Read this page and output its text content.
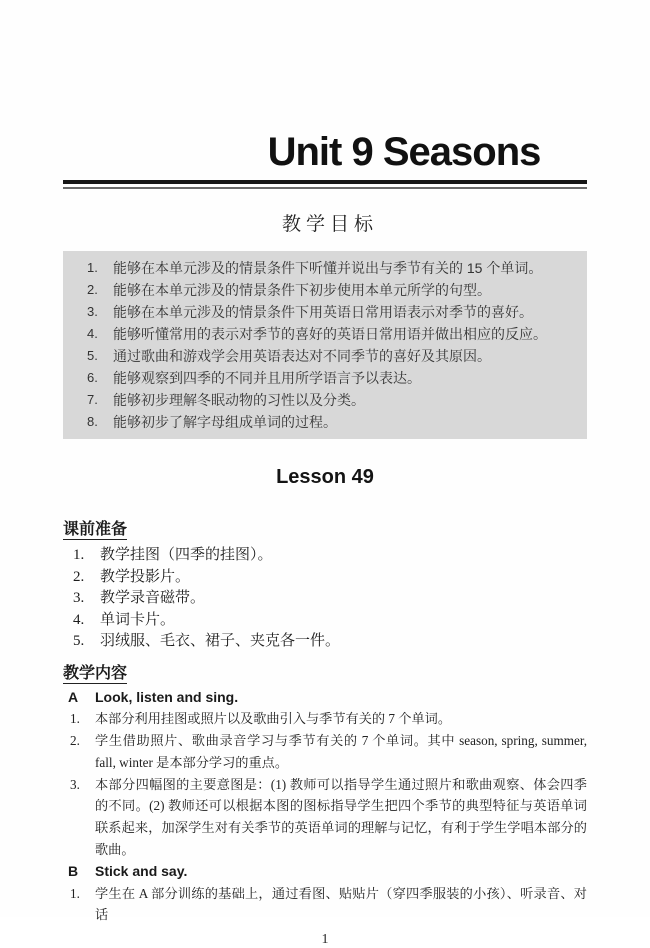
Unit 9 Seasons
教学目标
1. 能够在本单元涉及的情景条件下听懂并说出与季节有关的 15 个单词。
2. 能够在本单元涉及的情景条件下初步使用本单元所学的句型。
3. 能够在本单元涉及的情景条件下用英语日常用语表示对季节的喜好。
4. 能够听懂常用的表示对季节的喜好的英语日常用语并做出相应的反应。
5. 通过歌曲和游戏学会用英语表达对不同季节的喜好及其原因。
6. 能够观察到四季的不同并且用所学语言予以表达。
7. 能够初步理解冬眠动物的习性以及分类。
8. 能够初步了解字母组成单词的过程。
Lesson 49
课前准备
1. 教学挂图（四季的挂图）。
2. 教学投影片。
3. 教学录音磁带。
4. 单词卡片。
5. 羽绒服、毛衣、裙子、夹克各一件。
教学内容
A Look, listen and sing.
1. 本部分利用挂图或照片以及歌曲引入与季节有关的 7 个单词。
2. 学生借助照片、歌曲录音学习与季节有关的 7 个单词。其中 season, spring, summer, fall, winter 是本部分学习的重点。
3. 本部分四幅图的主要意图是：(1) 教师可以指导学生通过照片和歌曲观察、体会四季的不同。(2) 教师还可以根据本图的图标指导学生把四个季节的典型特征与英语单词联系起来，加深学生对有关季节的英语单词的理解与记忆，有利于学生学唱本部分的歌曲。
B Stick and say.
1. 学生在 A 部分训练的基础上，通过看图、贴贴片（穿四季服装的小孩）、听录音、对话
1
